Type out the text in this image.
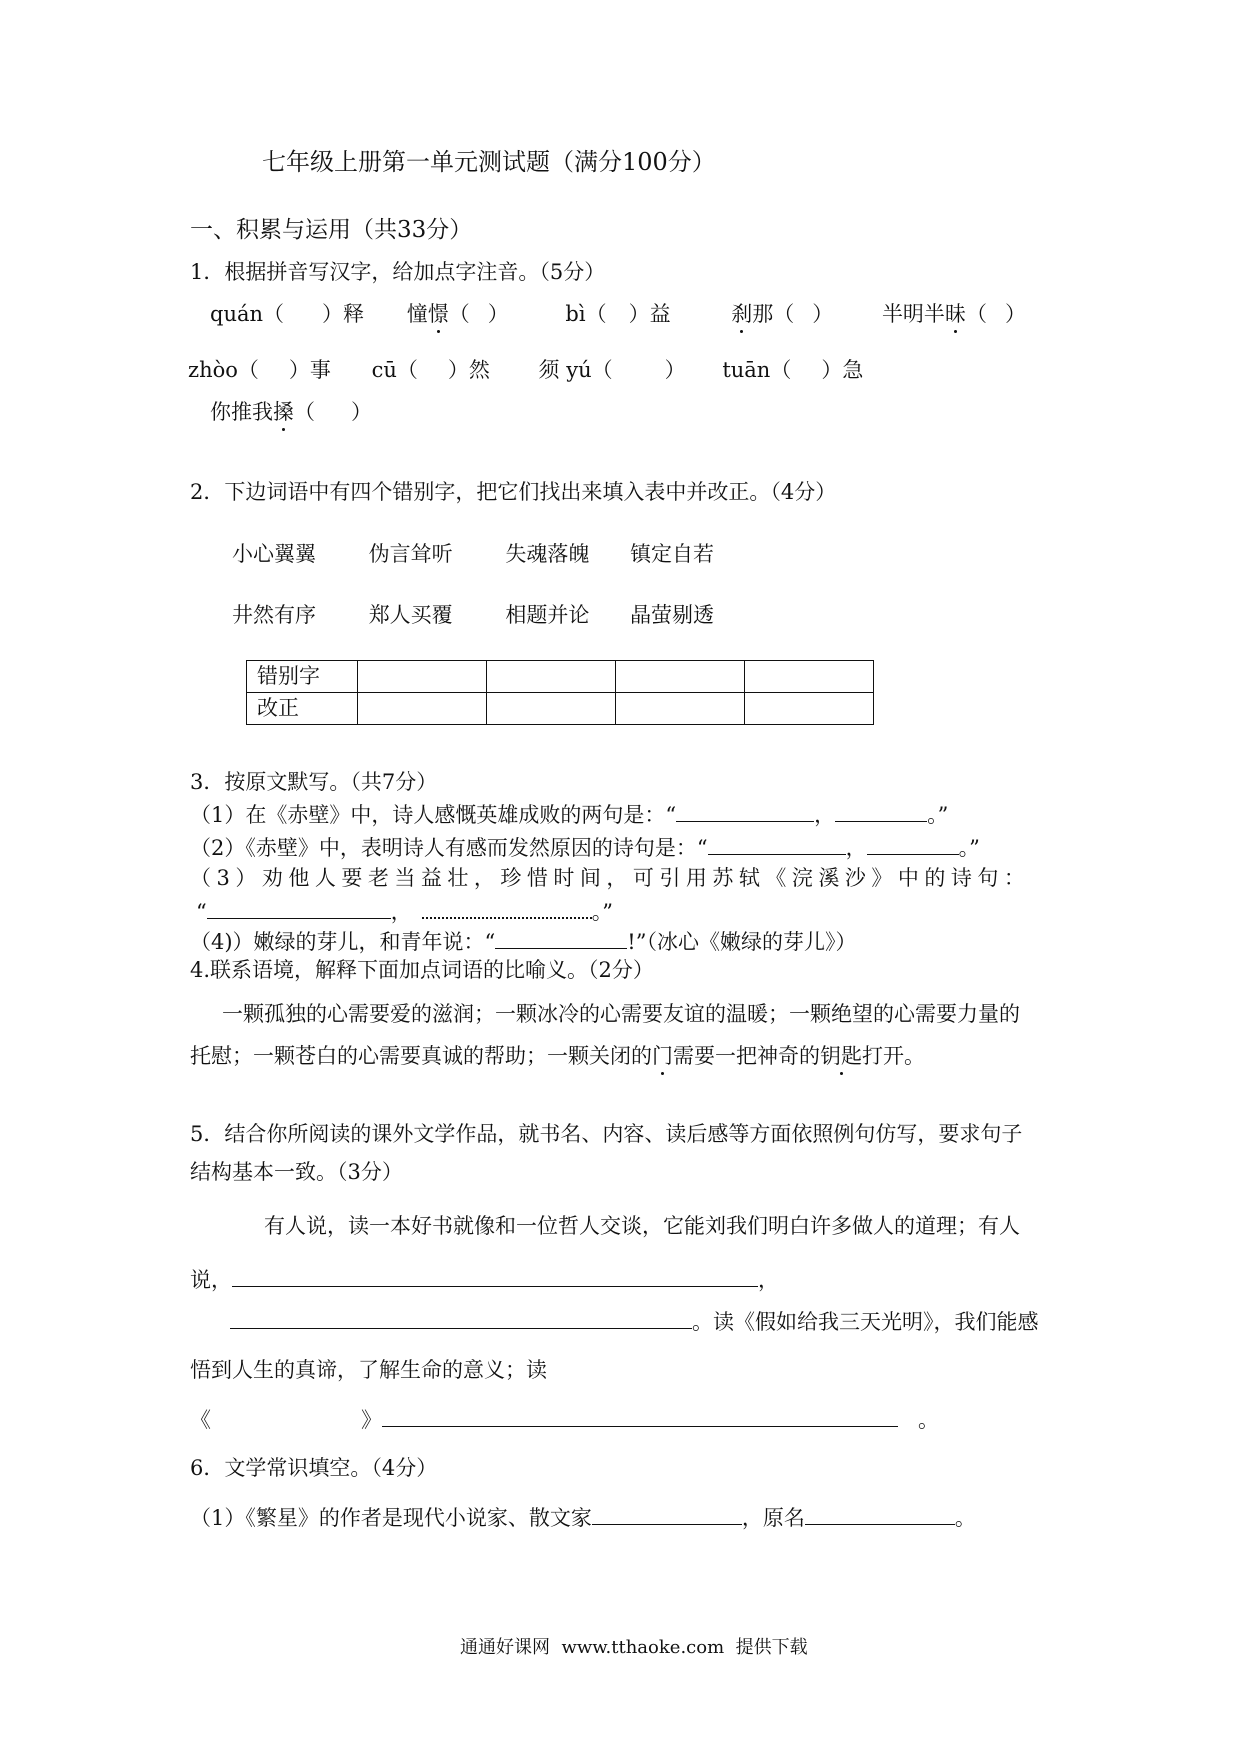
七年级上册第一单元测试题（满分100分）
一、积累与运用（共33分）
1．根据拼音写汉字，给加点字注音。（5分）
quán（ ）释 憧憬（ ）	bì（ ）益	刹那（ ） 半明半昧（ ）
zhòo（ ）事 cū（ ）然 须 yú（ ） tuān（ ）急
你推我搡（ ）
2．下边词语中有四个错别字，把它们找出来填入表中并改正。（4分）
小心翼翼	伪言耸听	失魂落魄 镇定自若
井然有序	郑人买覆	相题并论 晶萤剔透
错别字				
改正				
3．按原文默写。（共7分）
（1）在《赤壁》中，诗人感慨英雄成败的两句是：“	，	。”
（2）《赤壁》中，表明诗人有感而发然原因的诗句是：“	，	。”
（3）劝他人要老当益壮，珍惜时间，可引用苏轼《浣溪沙》中的诗句：
“	，	。”
（4)）嫩绿的芽儿，和青年说：“	!”（冰心《嫩绿的芽儿》）
4.联系语境，解释下面加点词语的比喻义。（2分）
一颗孤独的心需要爱的滋润；一颗冰冷的心需要友谊的温暖；一颗绝望的心需要力量的
托慰；一颗苍白的心需要真诚的帮助；一颗关闭的门需要一把神奇的钥匙打开。
5．结合你所阅读的课外文学作品，就书名、内容、读后感等方面依照例句仿写，要求句子
结构基本一致。（3分）
有人说，读一本好书就像和一位哲人交谈，它能刘我们明白许多做人的道理；有人
说，	，
。读《假如给我三天光明》，我们能感
悟到人生的真谛，了解生命的意义；读
《	》	。
6．文学常识填空。（4分）
（1）《繁星》的作者是现代小说家、散文家	，原名	。
通通好课网  www.tthaoke.com  提供下载
